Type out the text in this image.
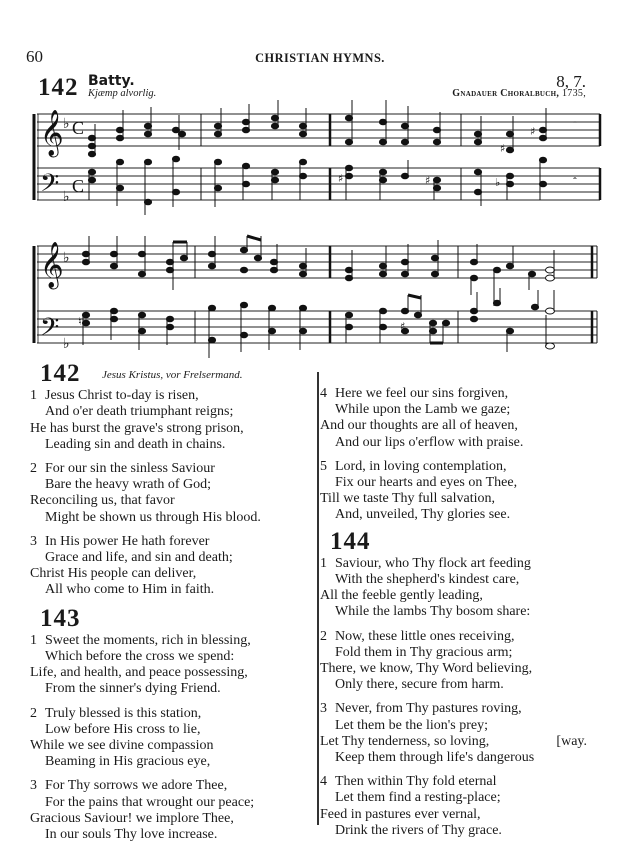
60	CHRISTIAN HYMNS.
142 Batty.
Kjæmp alvorlig.
8, 7.
Gnadauer Choralbuch, 1735,
𝄞 ♭ C
𝄢 ♭
C
𝄞 ♭
𝄢 ♭
♯	♯
♯
♯
♭
♯
♮
𝄼
𝄼
142 $^{Jesus Kristus, vor Frelsermand.}$
1 Jesus Christ to-day is risen,
And o'er death triumphant reigns;
He has burst the grave's strong prison,
Leading sin and death in chains.
2 For our sin the sinless Saviour
Bare the heavy wrath of God;
Reconciling us, that favor
Might be shown us through His blood.
3 In His power He hath forever
Grace and life, and sin and death;
Christ His people can deliver,
All who come to Him in faith.
143
1 Sweet the moments, rich in blessing,
Which before the cross we spend:
Life, and health, and peace possessing,
From the sinner's dying Friend.
2 Truly blessed is this station,
Low before His cross to lie,
While we see divine compassion
Beaming in His gracious eye,
3 For Thy sorrows we adore Thee,
For the pains that wrought our peace;
Gracious Saviour! we implore Thee,
In our souls Thy love increase.
4 Here we feel our sins forgiven,
While upon the Lamb we gaze;
And our thoughts are all of heaven,
And our lips o'erflow with praise.
5 Lord, in loving contemplation,
Fix our hearts and eyes on Thee,
Till we taste Thy full salvation,
And, unveiled, Thy glories see.
144
1 Saviour, who Thy flock art feeding
With the shepherd's kindest care,
All the feeble gently leading,
While the lambs Thy bosom share:
2 Now, these little ones receiving,
Fold them in Thy gracious arm;
There, we know, Thy Word believing,
Only there, secure from harm.
3 Never, from Thy pastures roving,
Let them be the lion's prey;
Let Thy tenderness, so loving,	[way.
Keep them through life's dangerous
4 Then within Thy fold eternal
Let them find a resting-place;
Feed in pastures ever vernal,
Drink the rivers of Thy grace.
